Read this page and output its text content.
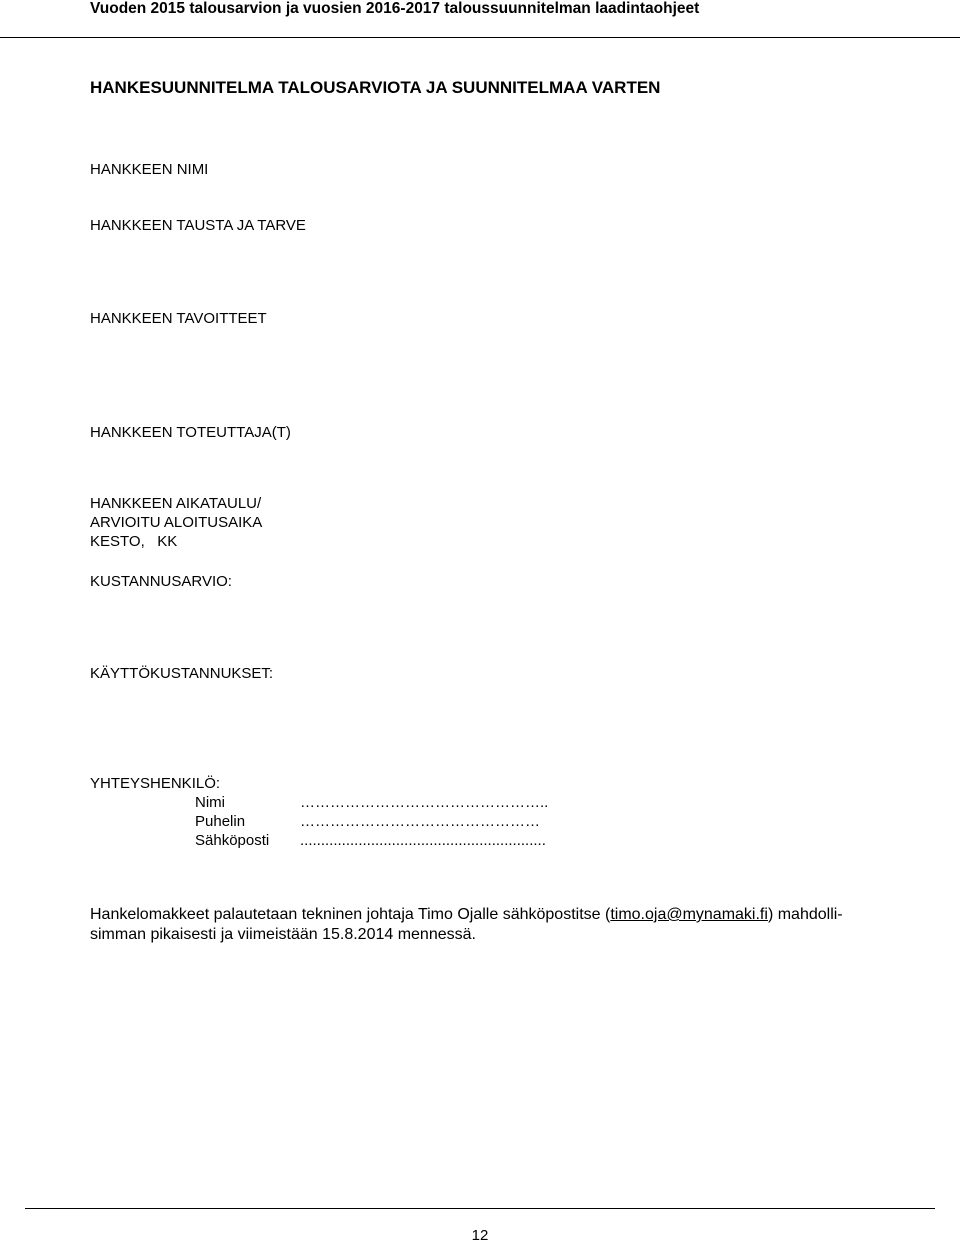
Vuoden 2015 talousarvion ja vuosien 2016-2017 taloussuunnitelman laadintaohjeet
HANKESUUNNITELMA TALOUSARVIOTA JA SUUNNITELMAA VARTEN
HANKKEEN NIMI
HANKKEEN TAUSTA JA TARVE
HANKKEEN TAVOITTEET
HANKKEEN TOTEUTTAJA(T)
HANKKEEN AIKATAULU/
ARVIOITU ALOITUSAIKA
KESTO,   KK
KUSTANNUSARVIO:
KÄYTTÖKUSTANNUKSET:
YHTEYSHENKILÖ:
Nimi	…………………………………………..
Puhelin	…………………………………………
Sähköposti ...........................................................
Hankelomakkeet palautetaan tekninen johtaja Timo Ojalle sähköpostitse (timo.oja@mynamaki.fi) mahdolli-simman pikaisesti ja viimeistään 15.8.2014 mennessä.
12
